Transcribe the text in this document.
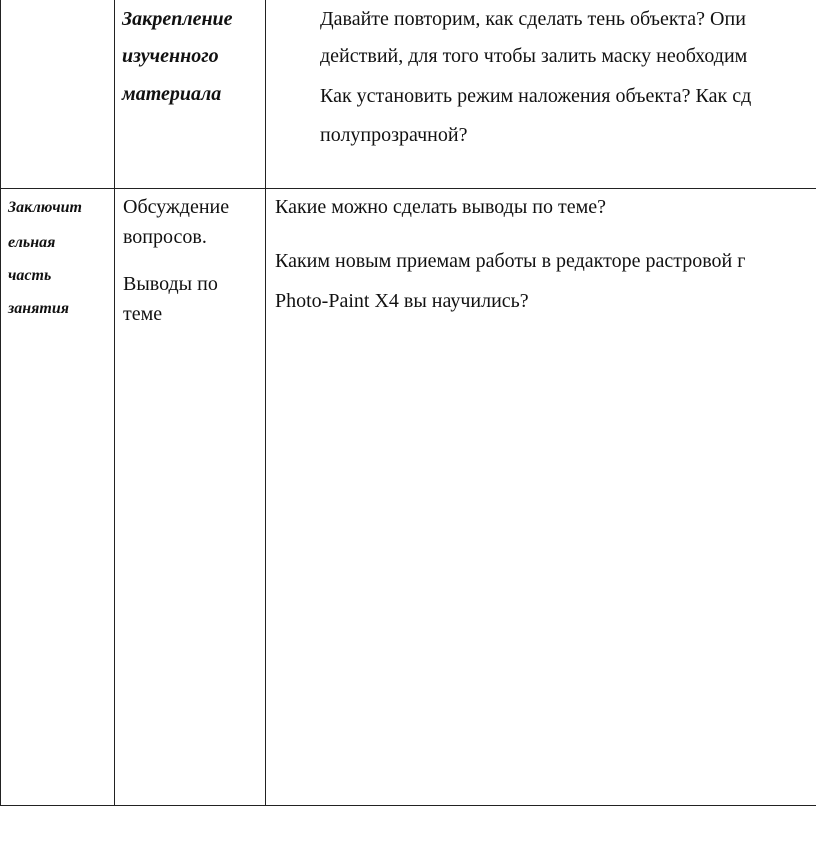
Закрепление
изученного
материала
Давайте повторим, как сделать тень объекта? Опи
действий, для того чтобы залить маску необходим
Как установить режим наложения объекта? Как сд
полупрозрачной?
Заключит
ельная
часть
занятия
Обсуждение
вопросов.
Выводы по
теме
Какие можно сделать выводы по теме?
Каким новым приемам работы в редакторе растровой г
Photo-Paint X4 вы научились?
